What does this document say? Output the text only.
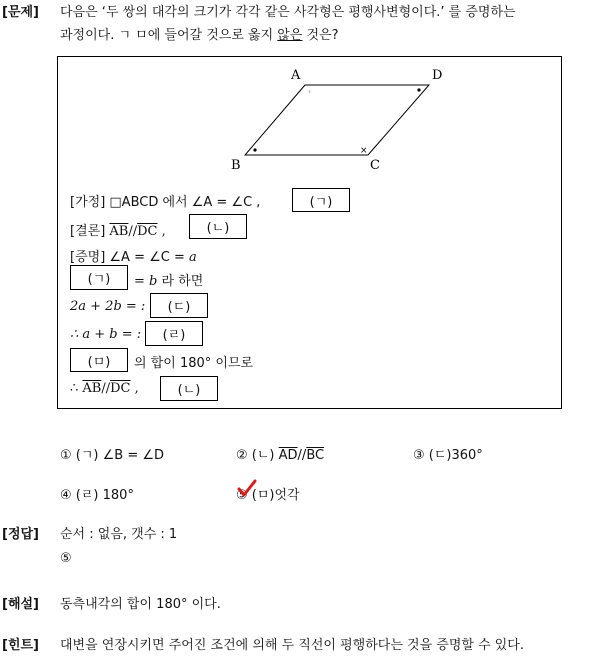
[문제] 다음은 ‘두 쌍의 대각의 크기가 각각 같은 사각형은 평행사변형이다.’ 를 증명하는
과정이다. ㄱ ㅁ에 들어갈 것으로 옳지 않은 것은?
A	D
B	C
‹
×
[가정] □ABCD 에서 ∠A = ∠C ,	(ㄱ)
[결론] $\overline{AB}//\overline{DC}$ ,	(ㄴ)
[증명] ∠A = ∠C = a
(ㄱ)	= b 라 하면
2a + 2b = :	(ㄷ)
∴ a + b = :	(ㄹ)
(ㅁ)	의 합이 180° 이므로
∴ $\overline{AB}//\overline{DC}$ ,	(ㄴ)
① (ㄱ) ∠B = ∠D	② (ㄴ) $\overline{AD}//\overline{BC}$	③ (ㄷ)360°
④ (ㄹ) 180°	⑤ (ㅁ)엇각
[정답] 순서 : 없음, 갯수 : 1
⑤
[해설] 동측내각의 합이 180° 이다.
[힌트] 대변을 연장시키면 주어진 조건에 의해 두 직선이 평행하다는 것을 증명할 수 있다.
